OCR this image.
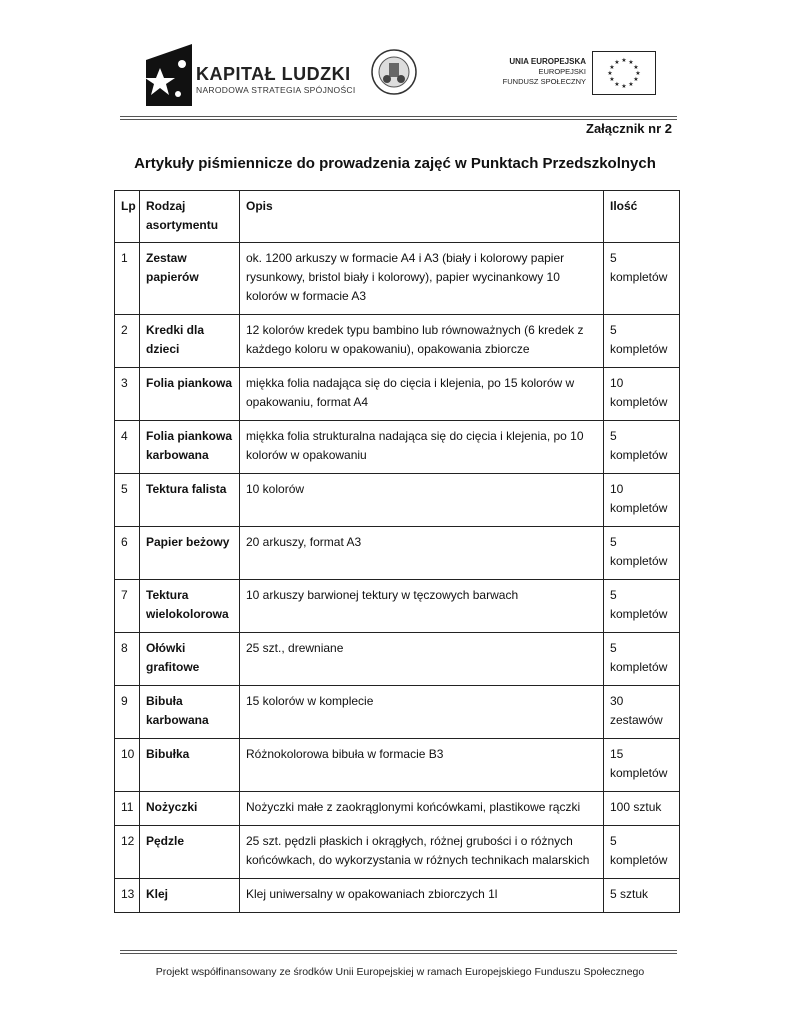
KAPITAŁ LUDZKI
NARODOWA STRATEGIA SPÓJNOŚCI
UNIA EUROPEJSKA
EUROPEJSKI
FUNDUSZ SPOŁECZNY
★ ★
★
★
★
★
★
★
★
★
★
★
Załącznik nr 2
Artykuły piśmiennicze do prowadzenia zajęć w Punktach Przedszkolnych
Lp	Rodzaj asortymentu	Opis	Ilość
1	Zestaw papierów	ok. 1200 arkuszy w formacie A4 i A3 (biały i kolorowy papier rysunkowy, bristol biały i kolorowy), papier wycinankowy 10 kolorów w formacie A3	5 kompletów
2	Kredki dla dzieci	12 kolorów kredek typu bambino lub równoważnych (6 kredek z każdego koloru w opakowaniu), opakowania zbiorcze	5 kompletów
3	Folia piankowa	miękka folia nadająca się do cięcia i klejenia, po 15 kolorów w opakowaniu, format A4	10 kompletów
4	Folia piankowa karbowana	miękka folia strukturalna nadająca się do cięcia i klejenia, po 10 kolorów w opakowaniu	5 kompletów
5	Tektura falista	10 kolorów	10 kompletów
6	Papier beżowy	20 arkuszy, format A3	5 kompletów
7	Tektura wielokolorowa	10 arkuszy barwionej tektury w tęczowych barwach	5 kompletów
8	Ołówki grafitowe	25 szt., drewniane	5 kompletów
9	Bibuła karbowana	15 kolorów w komplecie	30 zestawów
10	Bibułka	Różnokolorowa bibuła w formacie B3	15 kompletów
11	Nożyczki	Nożyczki małe z zaokrąglonymi końcówkami, plastikowe rączki	100 sztuk
12	Pędzle	25 szt. pędzli płaskich i okrągłych, różnej grubości i o różnych końcówkach, do wykorzystania w różnych technikach malarskich	5 kompletów
13	Klej	Klej uniwersalny w opakowaniach zbiorczych 1l	5 sztuk
Projekt współfinansowany ze środków Unii Europejskiej w ramach Europejskiego Funduszu Społecznego
